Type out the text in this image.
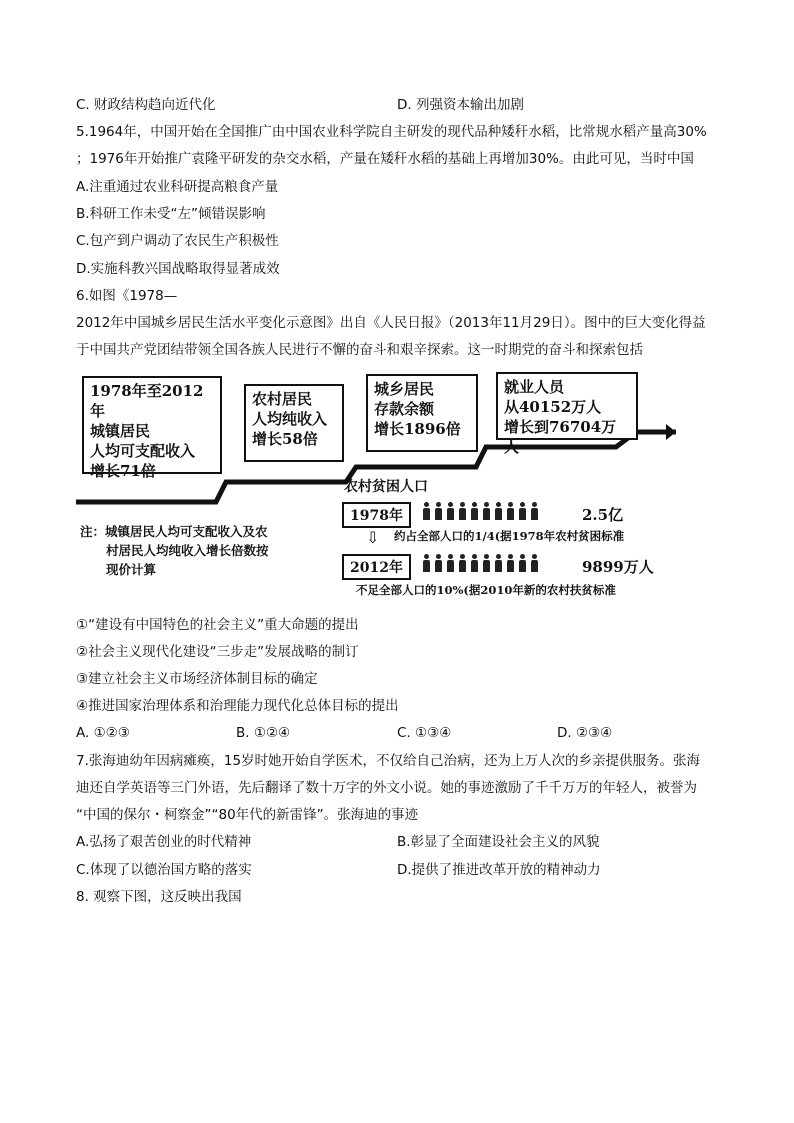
C. 财政结构趋向近代化	D. 列强资本输出加剧
5.1964年，中国开始在全国推广由中国农业科学院自主研发的现代品种矮秆水稻，比常规水稻产量高30%
；1976年开始推广袁隆平研发的杂交水稻，产量在矮秆水稻的基础上再增加30%。由此可见，当时中国
A.注重通过农业科研提高粮食产量
B.科研工作未受“左”倾错误影响
C.包产到户调动了农民生产积极性
D.实施科教兴国战略取得显著成效
6.如图《1978—
2012年中国城乡居民生活水平变化示意图》出自《人民日报》（2013年11月29日）。图中的巨大变化得益
于中国共产党团结带领全国各族人民进行不懈的奋斗和艰辛探索。这一时期党的奋斗和探索包括
1978年至2012年
城镇居民
人均可支配收入
增长71倍
农村居民
人均纯收入
增长58倍
城乡居民
存款余额
增长1896倍
就业人员
从40152万人
增长到76704万人
农村贫困人口
1978年	2.5亿
约占全部人口的1/4(据1978年农村贫困标准
⇩
2012年	9899万人
不足全部人口的10%(据2010年新的农村扶贫标准
注：城镇居民人均可支配收入及农
村居民人均纯收入增长倍数按
现价计算
①“建设有中国特色的社会主义”重大命题的提出
②社会主义现代化建设“三步走”发展战略的制订
③建立社会主义市场经济体制目标的确定
④推进国家治理体系和治理能力现代化总体目标的提出
A. ①②③	B. ①②④	C. ①③④	D. ②③④
7.张海迪幼年因病瘫痪，15岁时她开始自学医术，不仅给自己治病，还为上万人次的乡亲提供服务。张海
迪还自学英语等三门外语，先后翻译了数十万字的外文小说。她的事迹激励了千千万万的年轻人，被誉为
“中国的保尔・柯察金”“80年代的新雷锋”。张海迪的事迹
A.弘扬了艰苦创业的时代精神	B.彰显了全面建设社会主义的风貌
C.体现了以德治国方略的落实	D.提供了推进改革开放的精神动力
8. 观察下图，这反映出我国
